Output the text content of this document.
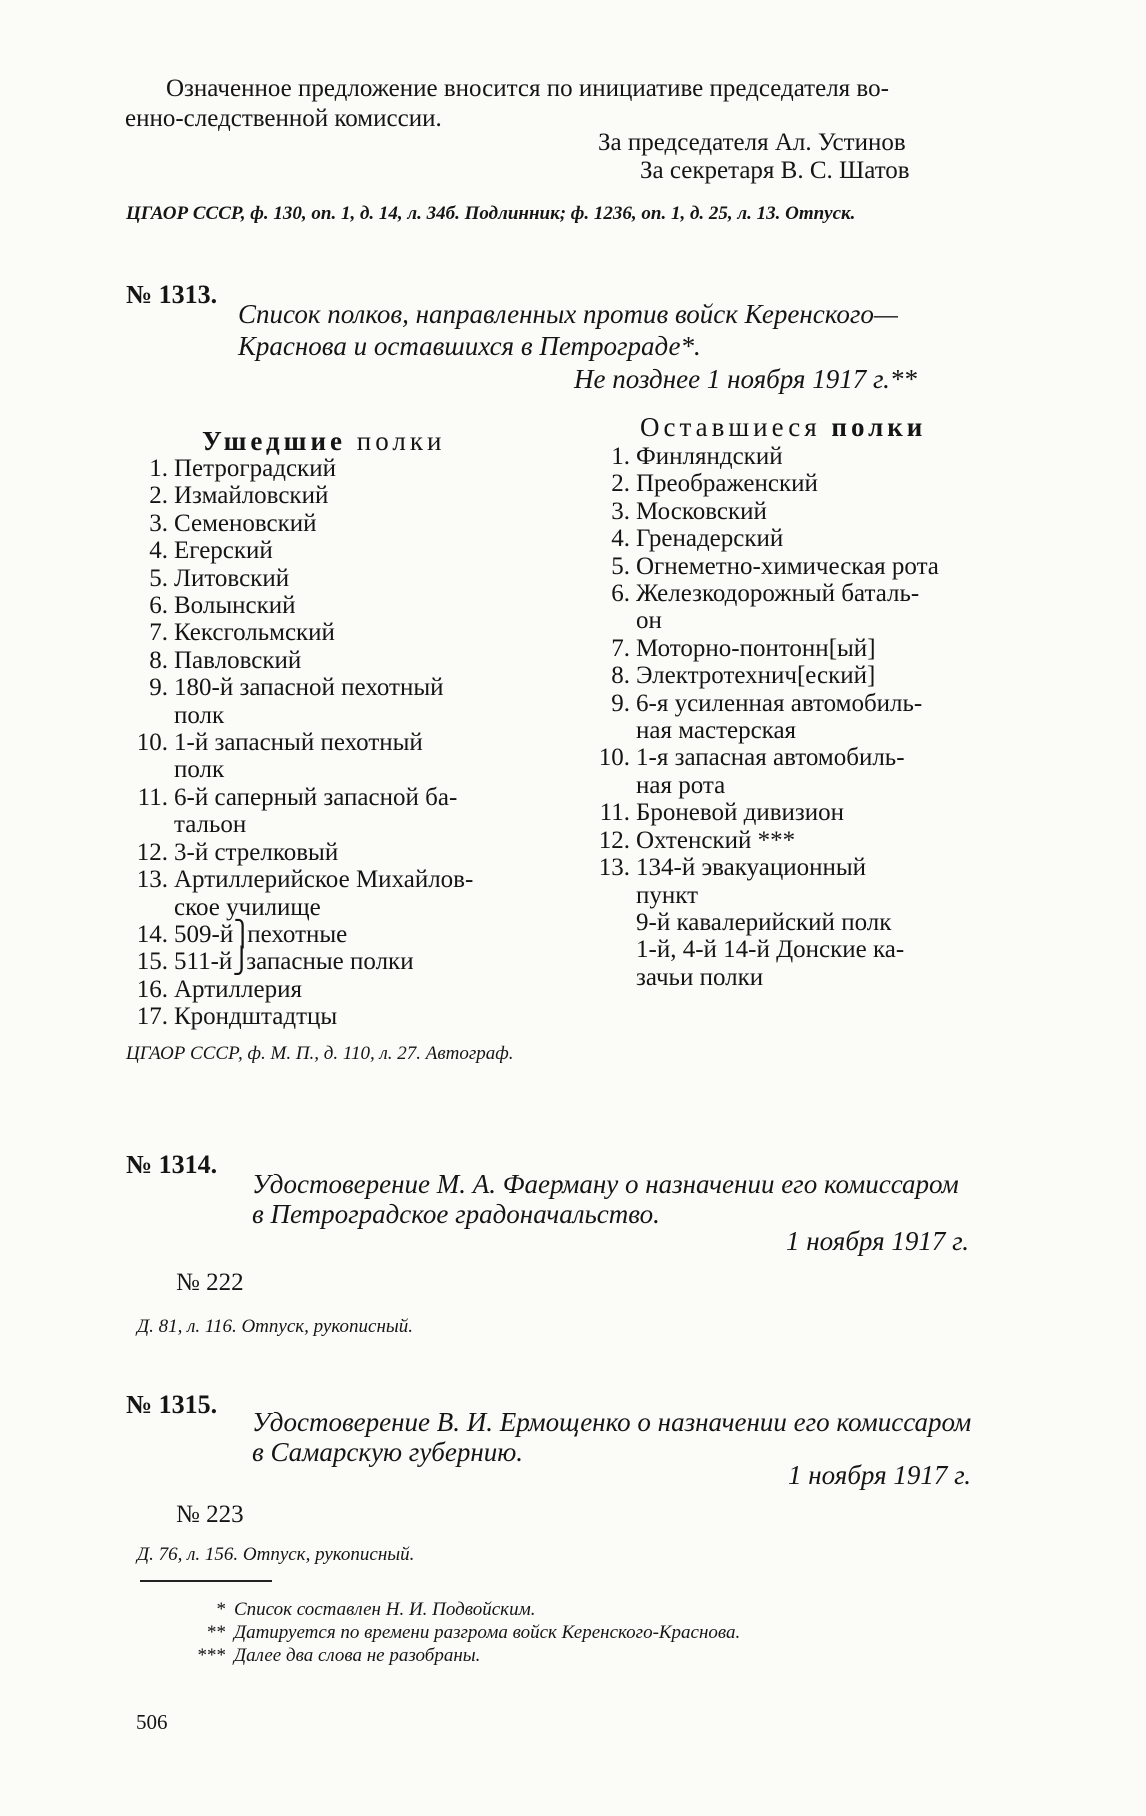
Означенное предложение вносится по инициативе председателя во-
енно-следственной комиссии.
За председателя Ал. Устинов
За секретаря В. С. Шатов
ЦГАОР СССР, ф. 130, оп. 1, д. 14, л. 34б. Подлинник; ф. 1236, оп. 1, д. 25, л. 13. Отпуск.
№ 1313.
Список полков, направленных против войск Керенского—
Краснова и оставшихся в Петрограде*.
Не позднее 1 ноября 1917 г.**
Ушедшие полки	Оставшиеся полки
1. Петроградский
2. Измайловский
3. Семеновский
4. Егерский
5. Литовский
6. Волынский
7. Кексгольмский
8. Павловский
9. 180-й запасной пехотный
полк
10. 1-й запасный пехотный
полк
11. 6-й саперный запасной ба-
тальон
12. 3-й стрелковый
13. Артиллерийское Михайлов-
ское училище
14. 509-й⎫пехотные
15. 511-й⎭запасные полки
16. Артиллерия
17. Крондштадтцы
1. Финляндский
2. Преображенский
3. Московский
4. Гренадерский
5. Огнеметно-химическая рота
6. Железкодорожный баталь-
он
7. Моторно-понтонн[ый]
8. Электротехнич[еский]
9. 6-я усиленная автомобиль-
ная мастерская
10. 1-я запасная автомобиль-
ная рота
11. Броневой дивизион
12. Охтенский ***
13. 134-й эвакуационный
пункт
9-й кавалерийский полк
1-й, 4-й 14-й Донские ка-
зачьи полки
ЦГАОР СССР, ф. М. П., д. 110, л. 27. Автограф.
№ 1314.
Удостоверение М. А. Фаерману о назначении его комиссаром
в Петроградское градоначальство.
1 ноября 1917 г.
№ 222
Д. 81, л. 116. Отпуск, рукописный.
№ 1315.
Удостоверение В. И. Ермощенко о назначении его комиссаром
в Самарскую губернию.
1 ноября 1917 г.
№ 223
Д. 76, л. 156. Отпуск, рукописный.
* Список составлен Н. И. Подвойским.
** Датируется по времени разгрома войск Керенского-Краснова.
*** Далее два слова не разобраны.
506
